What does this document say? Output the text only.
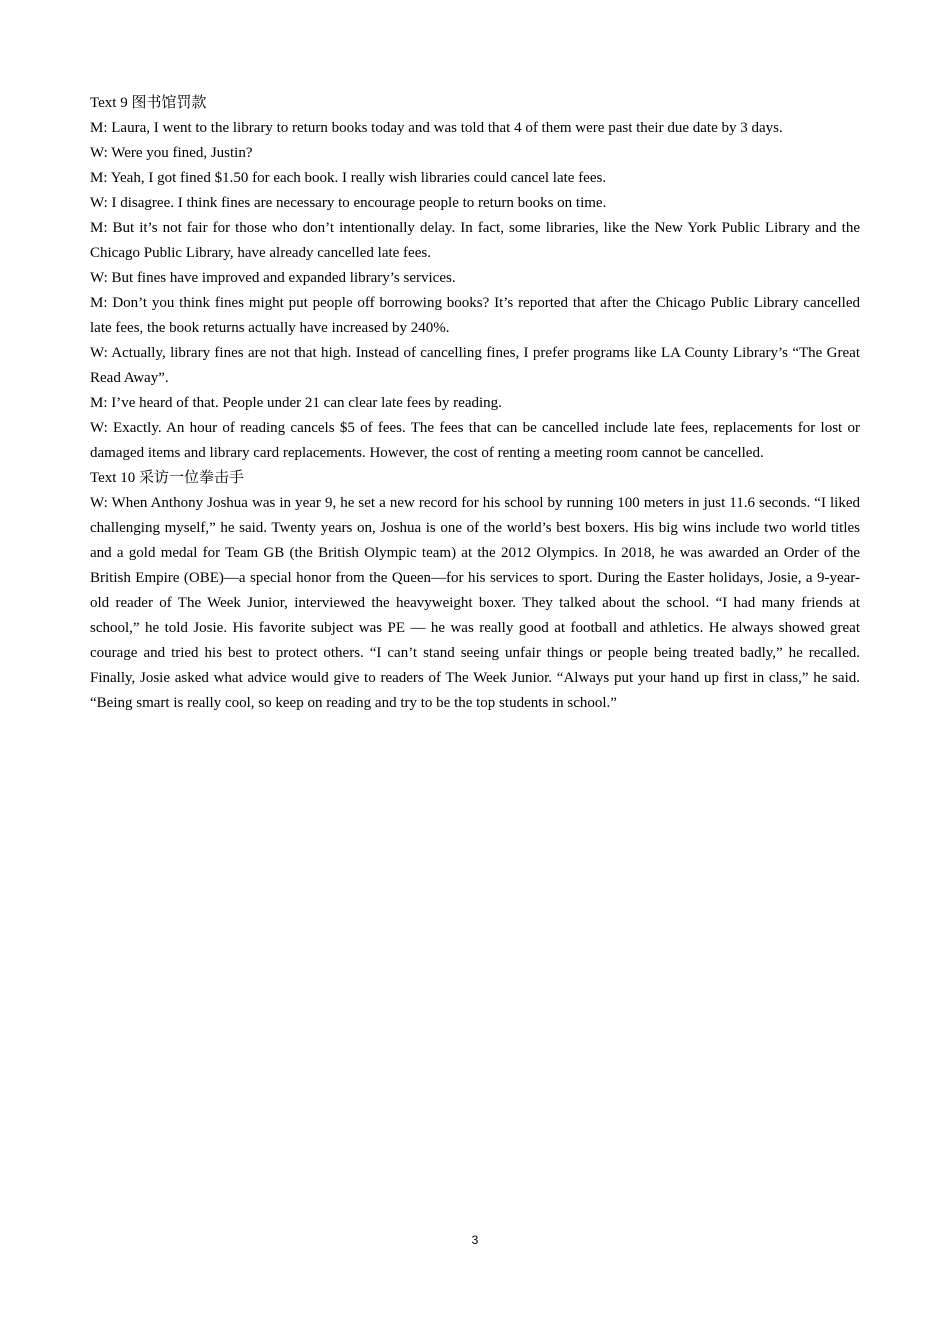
Text 9 图书馆罚款

M: Laura, I went to the library to return books today and was told that 4 of them were past their due date by 3 days.

W: Were you fined, Justin?

M: Yeah, I got fined $1.50 for each book. I really wish libraries could cancel late fees.

W: I disagree. I think fines are necessary to encourage people to return books on time.

M: But it’s not fair for those who don’t intentionally delay. In fact, some libraries, like the New York Public Library and the Chicago Public Library, have already cancelled late fees.

W: But fines have improved and expanded library’s services.

M: Don’t you think fines might put people off borrowing books? It’s reported that after the Chicago Public Library cancelled late fees, the book returns actually have increased by 240%.

W: Actually, library fines are not that high. Instead of cancelling fines, I prefer programs like LA County Library’s “The Great Read Away”.

M: I’ve heard of that. People under 21 can clear late fees by reading.

W: Exactly. An hour of reading cancels $5 of fees. The fees that can be cancelled include late fees, replacements for lost or damaged items and library card replacements. However, the cost of renting a meeting room cannot be cancelled.

Text 10 采访一位拳击手

W: When Anthony Joshua was in year 9, he set a new record for his school by running 100 meters in just 11.6 seconds. “I liked challenging myself,” he said. Twenty years on, Joshua is one of the world’s best boxers. His big wins include two world titles and a gold medal for Team GB (the British Olympic team) at the 2012 Olympics. In 2018, he was awarded an Order of the British Empire (OBE)—a special honor from the Queen—for his services to sport. During the Easter holidays, Josie, a 9-year-old reader of The Week Junior, interviewed the heavyweight boxer. They talked about the school. “I had many friends at school,” he told Josie. His favorite subject was PE — he was really good at football and athletics. He always showed great courage and tried his best to protect others. “I can’t stand seeing unfair things or people being treated badly,” he recalled. Finally, Josie asked what advice would give to readers of The Week Junior. “Always put your hand up first in class,” he said. “Being smart is really cool, so keep on reading and try to be the top students in school.”

3
